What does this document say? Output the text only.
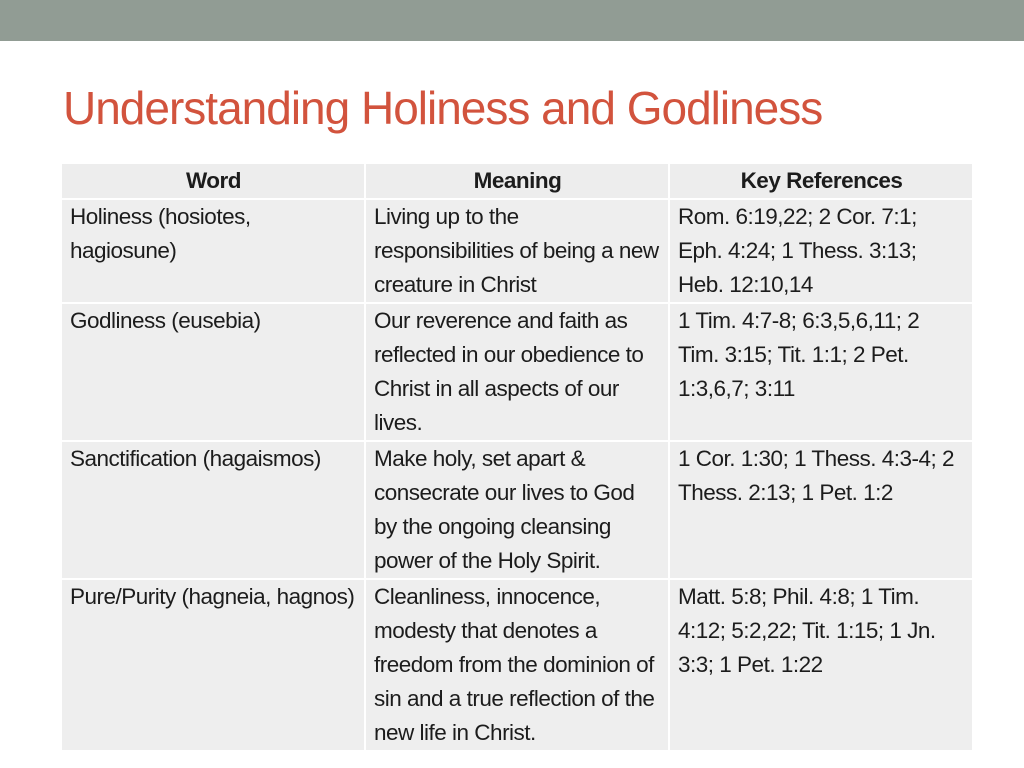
Understanding Holiness and Godliness
Word	Meaning	Key References
Holiness (hosiotes, hagiosune)	Living up to the responsibilities of being a new creature in Christ	Rom. 6:19,22; 2 Cor. 7:1; Eph. 4:24; 1 Thess. 3:13; Heb. 12:10,14
Godliness (eusebia)	Our reverence and faith as reflected in our obedience to Christ in all aspects of our lives.	1 Tim. 4:7-8; 6:3,5,6,11; 2 Tim. 3:15; Tit. 1:1; 2 Pet. 1:3,6,7; 3:11
Sanctification (hagaismos)	Make holy, set apart & consecrate our lives to God by the ongoing cleansing power of the Holy Spirit.	1 Cor. 1:30; 1 Thess. 4:3-4; 2 Thess. 2:13; 1 Pet. 1:2
Pure/Purity (hagneia, hagnos)	Cleanliness, innocence, modesty that denotes a freedom from the dominion of sin and a true reflection of the new life in Christ.	Matt. 5:8; Phil. 4:8; 1 Tim. 4:12; 5:2,22; Tit. 1:15; 1 Jn. 3:3; 1 Pet. 1:22
